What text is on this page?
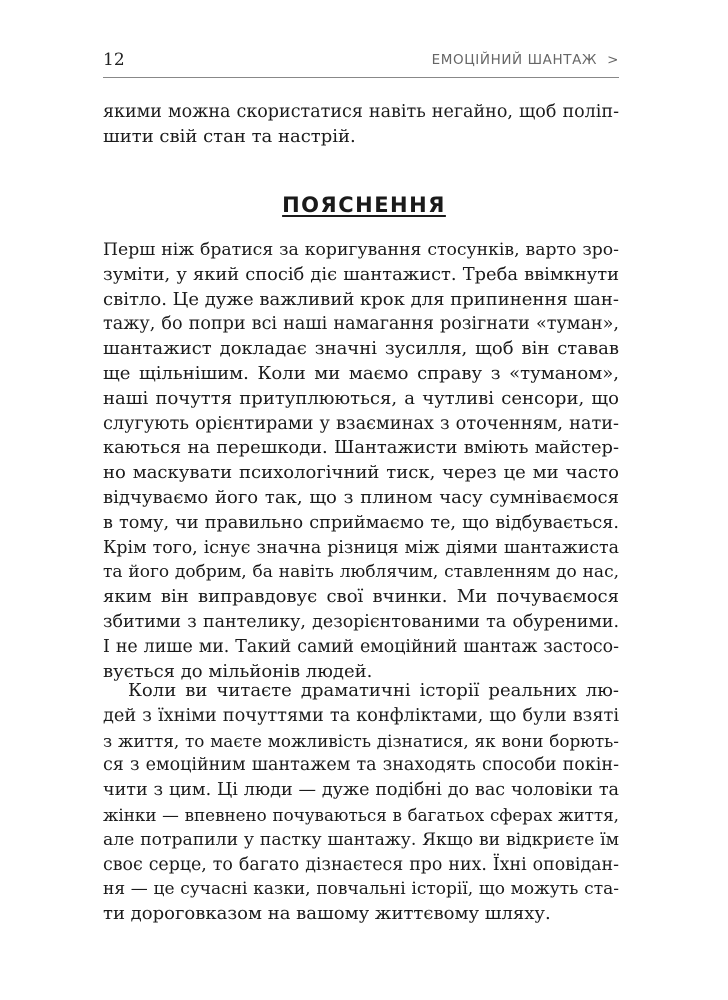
12	ЕМОЦІЙНИЙ ШАНТАЖ >
якими можна скористатися навіть негайно, щоб поліп-
шити свій стан та настрій.
ПОЯСНЕННЯ
Перш ніж братися за коригування стосунків, варто зро-
зуміти, у який спосіб діє шантажист. Треба ввімкнути
світло. Це дуже важливий крок для припинення шан-
тажу, бо попри всі наші намагання розігнати «туман»,
шантажист докладає значні зусилля, щоб він ставав
ще щільнішим. Коли ми маємо справу з «туманом»,
наші почуття притуплюються, а чутливі сенсори, що
слугують орієнтирами у взаєминах з оточенням, нати-
каються на перешкоди. Шантажисти вміють майстер-
но маскувати психологічний тиск, через це ми часто
відчуваємо його так, що з плином часу сумніваємося
в тому, чи правильно сприймаємо те, що відбувається.
Крім того, існує значна різниця між діями шантажиста
та його добрим, ба навіть люблячим, ставленням до нас,
яким він виправдовує свої вчинки. Ми почуваємося
збитими з пантелику, дезорієнтованими та обуреними.
І не лише ми. Такий самий емоційний шантаж застосо-
вується до мільйонів людей.
Коли ви читаєте драматичні історії реальних лю-
дей з їхніми почуттями та конфліктами, що були взяті
з життя, то маєте можливість дізнатися, як вони борють-
ся з емоційним шантажем та знаходять способи покін-
чити з цим. Ці люди — дуже подібні до вас чоловіки та
жінки — впевнено почуваються в багатьох сферах життя,
але потрапили у пастку шантажу. Якщо ви відкриєте їм
своє серце, то багато дізнаєтеся про них. Їхні оповідан-
ня — це сучасні казки, повчальні історії, що можуть ста-
ти дороговказом на вашому життєвому шляху.
